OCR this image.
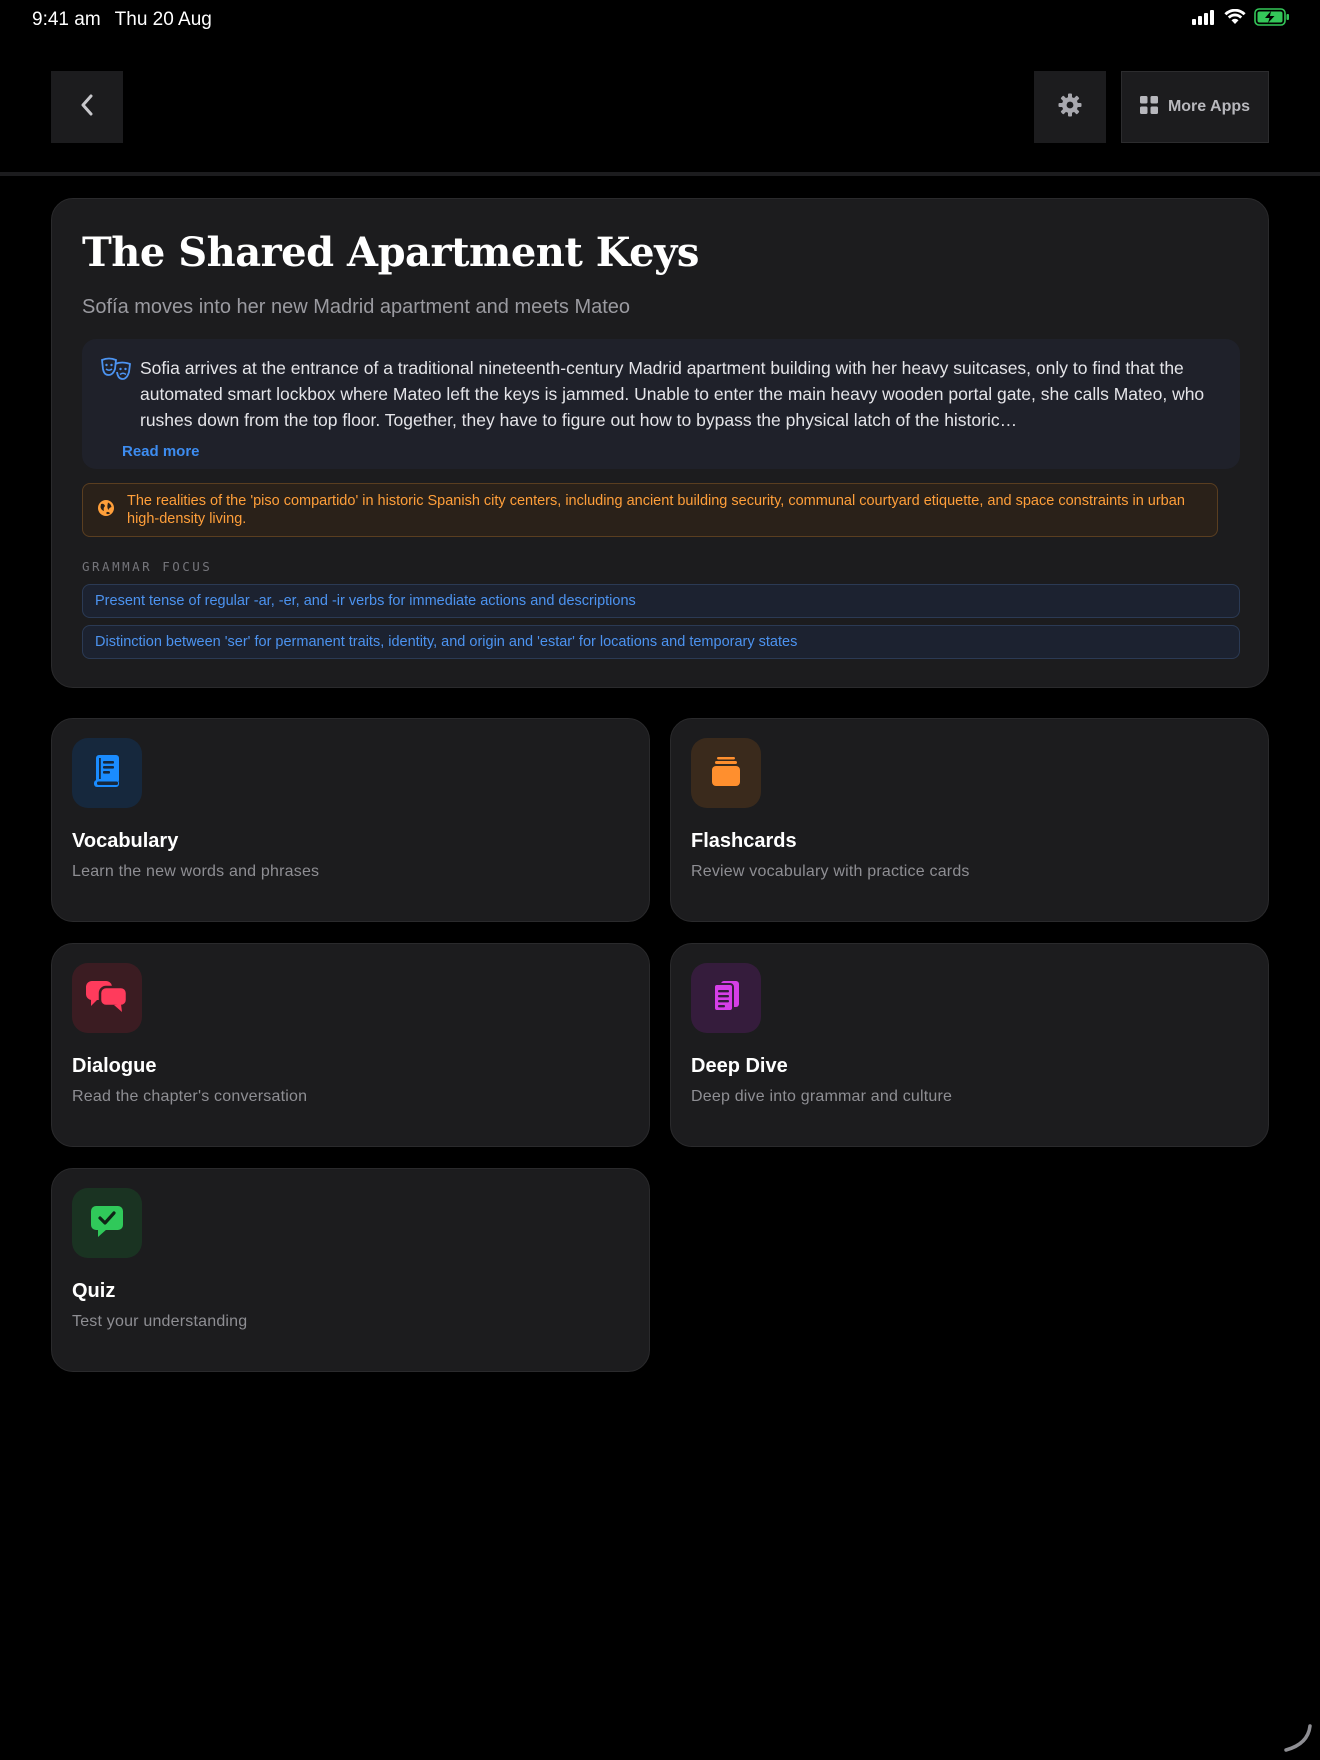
9:41 am Thu 20 Aug
More Apps
The Shared Apartment Keys

Sofía moves into her new Madrid apartment and meets Mateo

Sofia arrives at the entrance of a traditional nineteenth-century Madrid apartment building with her heavy suitcases, only to find that the automated smart lockbox where Mateo left the keys is jammed. Unable to enter the main heavy wooden portal gate, she calls Mateo, who rushes down from the top floor. Together, they have to figure out how to bypass the physical latch of the historic…

Read more
The realities of the 'piso compartido' in historic Spanish city centers, including ancient building security, communal courtyard etiquette, and space constraints in urban high-density living.

GRAMMAR FOCUS

Present tense of regular -ar, -er, and -ir verbs for immediate actions and descriptions
Distinction between 'ser' for permanent traits, identity, and origin and 'estar' for locations and temporary states
Vocabulary
Learn the new words and phrases
Flashcards
Review vocabulary with practice cards
Dialogue
Read the chapter's conversation
Deep Dive
Deep dive into grammar and culture
Quiz
Test your understanding
